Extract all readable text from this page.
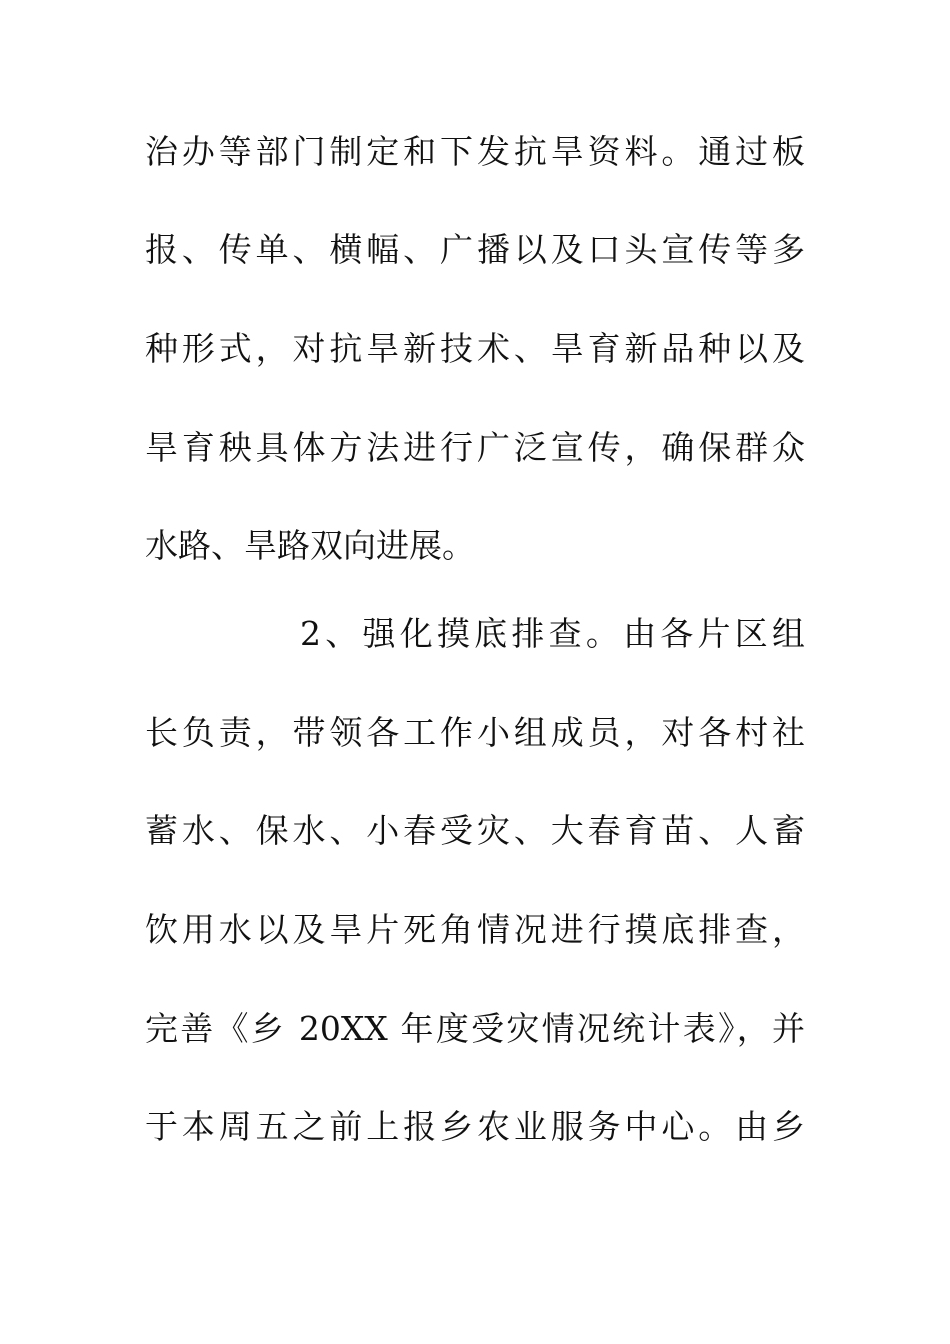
治办等部门制定和下发抗旱资料。通过板
报、传单、横幅、广播以及口头宣传等多
种形式，对抗旱新技术、旱育新品种以及
旱育秧具体方法进行广泛宣传，确保群众
水路、旱路双向进展。
2、强化摸底排查。由各片区组
长负责，带领各工作小组成员，对各村社
蓄水、保水、小春受灾、大春育苗、人畜
饮用水以及旱片死角情况进行摸底排查，
完善《乡 20XX 年度受灾情况统计表》，并
于本周五之前上报乡农业服务中心。由乡
